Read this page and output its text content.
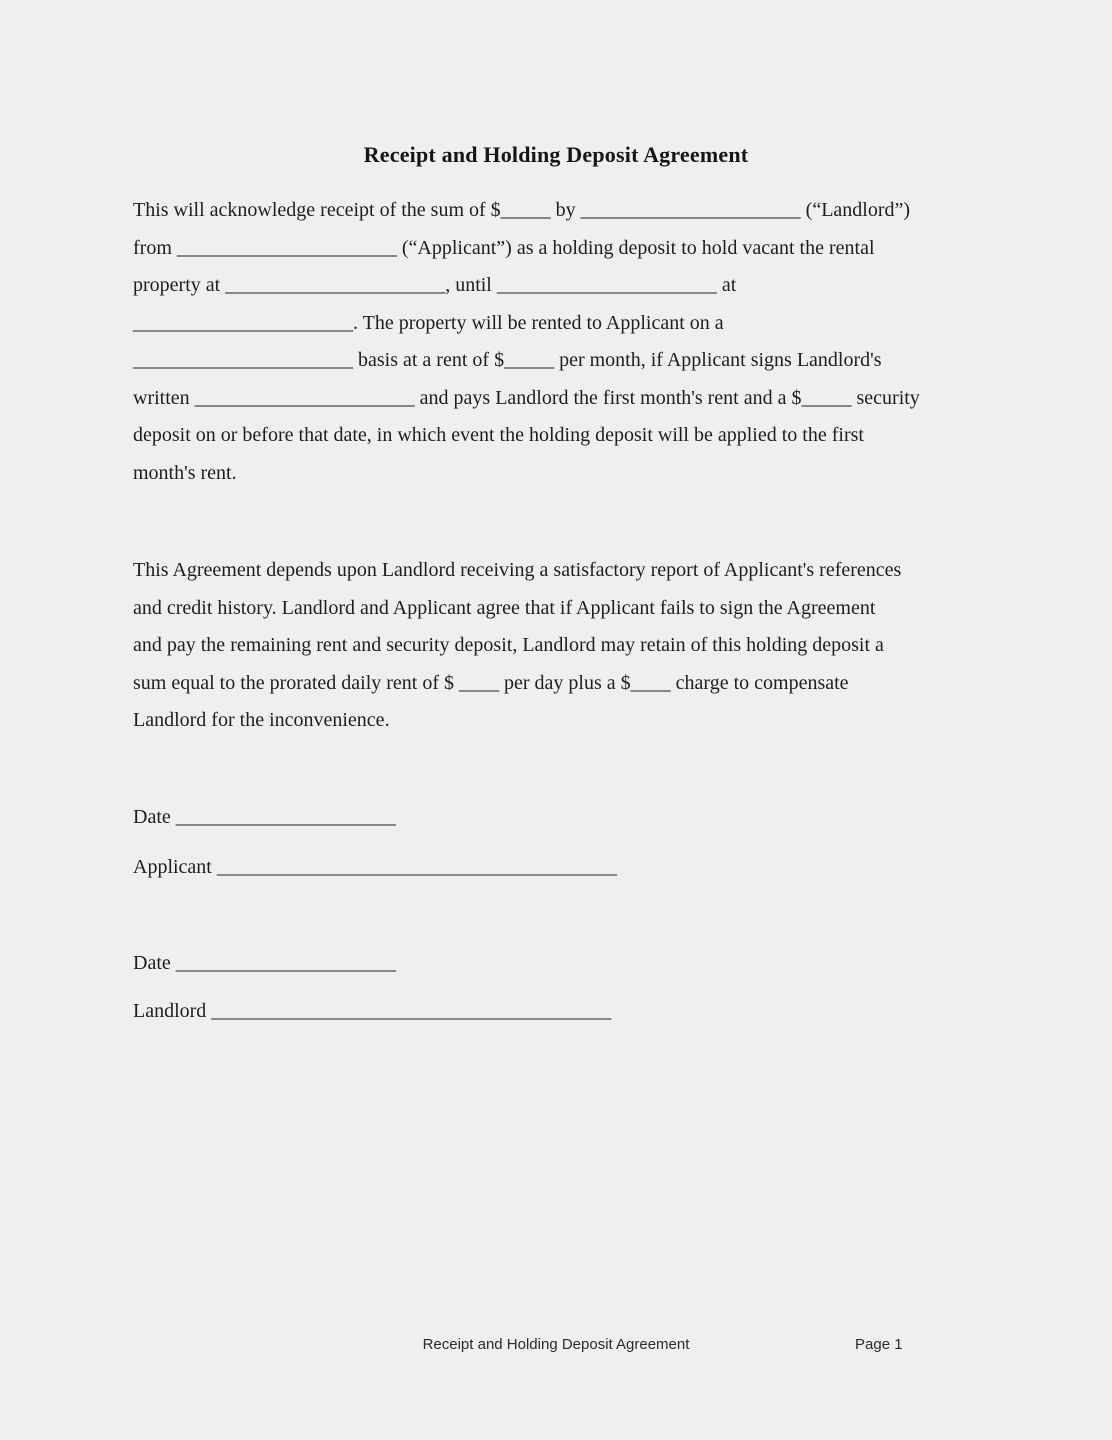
Receipt and Holding Deposit Agreement
This will acknowledge receipt of the sum of $_____ by ______________________ (“Landlord”)
from ______________________ (“Applicant”) as a holding deposit to hold vacant the rental
property at ______________________, until ______________________ at
______________________. The property will be rented to Applicant on a
______________________ basis at a rent of $_____ per month, if Applicant signs Landlord's
written ______________________ and pays Landlord the first month's rent and a $_____ security
deposit on or before that date, in which event the holding deposit will be applied to the first
month's rent.
This Agreement depends upon Landlord receiving a satisfactory report of Applicant's references
and credit history. Landlord and Applicant agree that if Applicant fails to sign the Agreement
and pay the remaining rent and security deposit, Landlord may retain of this holding deposit a
sum equal to the prorated daily rent of $ ____ per day plus a $____ charge to compensate
Landlord for the inconvenience.
Date ______________________
Applicant ________________________________________
Date ______________________
Landlord ________________________________________
Receipt and Holding Deposit Agreement	Page 1
